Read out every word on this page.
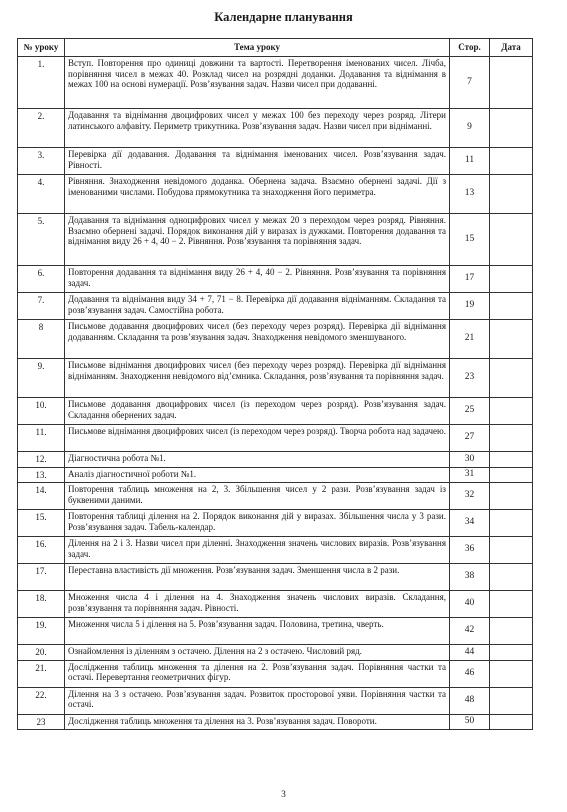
Календарне планування
№ уроку	Тема уроку	Стор.	Дата
1.	Вступ. Повторення про одиниці довжини та вартості. Перетворення іменованих чисел. Лічба, порівняння чисел в межах 40. Розклад чисел на розрядні доданки. Додавання та віднімання в межах 100 на основі нумерації. Розв’язування задач. Назви чисел при додаванні.	7	
2.	Додавання та віднімання двоцифрових чисел у межах 100 без переходу через розряд. Літери латинського алфавіту. Периметр трикутника. Розв’язування задач. Назви чисел при відніманні.	9	
3.	Перевірка дії додавання. Додавання та віднімання іменованих чисел. Розв’язування задач. Рівності.	11	
4.	Рівняння. Знаходження невідомого доданка. Обернена задача. Взаємно обернені задачі. Дії з іменованими числами. Побудова прямокутника та знаходження його периметра.	13	
5.	Додавання та віднімання одноцифрових чисел у межах 20 з переходом через розряд. Рівняння. Взаємно обернені задачі. Порядок виконання дій у виразах із дужками. Повторення додавання та віднімання виду 26 + 4, 40 − 2. Рівняння. Розв’язування та порівняння задач.	15	
6.	Повторення додавання та віднімання виду 26 + 4, 40 − 2. Рівняння. Розв’язування та порівняння задач.	17	
7.	Додавання та віднімання виду 34 + 7, 71 − 8. Перевірка дії додавання відніманням. Складання та розв’язування задач. Самостійна робота.	19	
8	Письмове додавання двоцифрових чисел (без переходу через розряд). Перевірка дії віднімання додаванням. Складання та розв’язування задач. Знаходження невідомого зменшуваного.	21	
9.	Письмове віднімання двоцифрових чисел (без переходу через розряд). Перевірка дії віднімання відніманням. Знаходження невідомого від’ємника. Складання, розв’язування та порівняння задач.	23	
10.	Письмове додавання двоцифрових чисел (із переходом через розряд). Розв’язування задач. Складання обернених задач.	25	
11.	Письмове віднімання двоцифрових чисел (із переходом через розряд). Творча робота над задачею.	27	
12.	Діагностична робота №1.	30	
13.	Аналіз діагностичної роботи №1.	31	
14.	Повторення таблиць множення на 2, 3. Збільшення чисел у 2 рази. Розв’язування задач із буквеними даними.	32	
15.	Повторення таблиці ділення на 2. Порядок виконання дій у виразах. Збільшення числа у 3 рази. Розв’язування задач. Табель-календар.	34	
16.	Ділення на 2 і 3. Назви чисел при діленні. Знаходження значень числових виразів. Розв’язування задач.	36	
17.	Переставна властивість дії множення. Розв’язування задач. Зменшення числа в 2 рази.	38	
18.	Множення числа 4 і ділення на 4. Знаходження значень числових виразів. Складання, розв’язування та порівняння задач. Рівності.	40	
19.	Множення числа 5 і ділення на 5. Розв’язування задач. Половина, третина, чверть.	42	
20.	Ознайомлення із діленням з остачею. Ділення на 2 з остачею. Числовий ряд.	44	
21.	Дослідження таблиць множення та ділення на 2. Розв’язування задач. Порівняння частки та остачі. Перевертання геометричних фігур.	46	
22.	Ділення на 3 з остачею. Розв’язування задач. Розвиток просторової уяви. Порівняння частки та остачі.	48	
23	Дослідження таблиць множення та ділення на 3. Розв’язування задач. Повороти.	50	
3
